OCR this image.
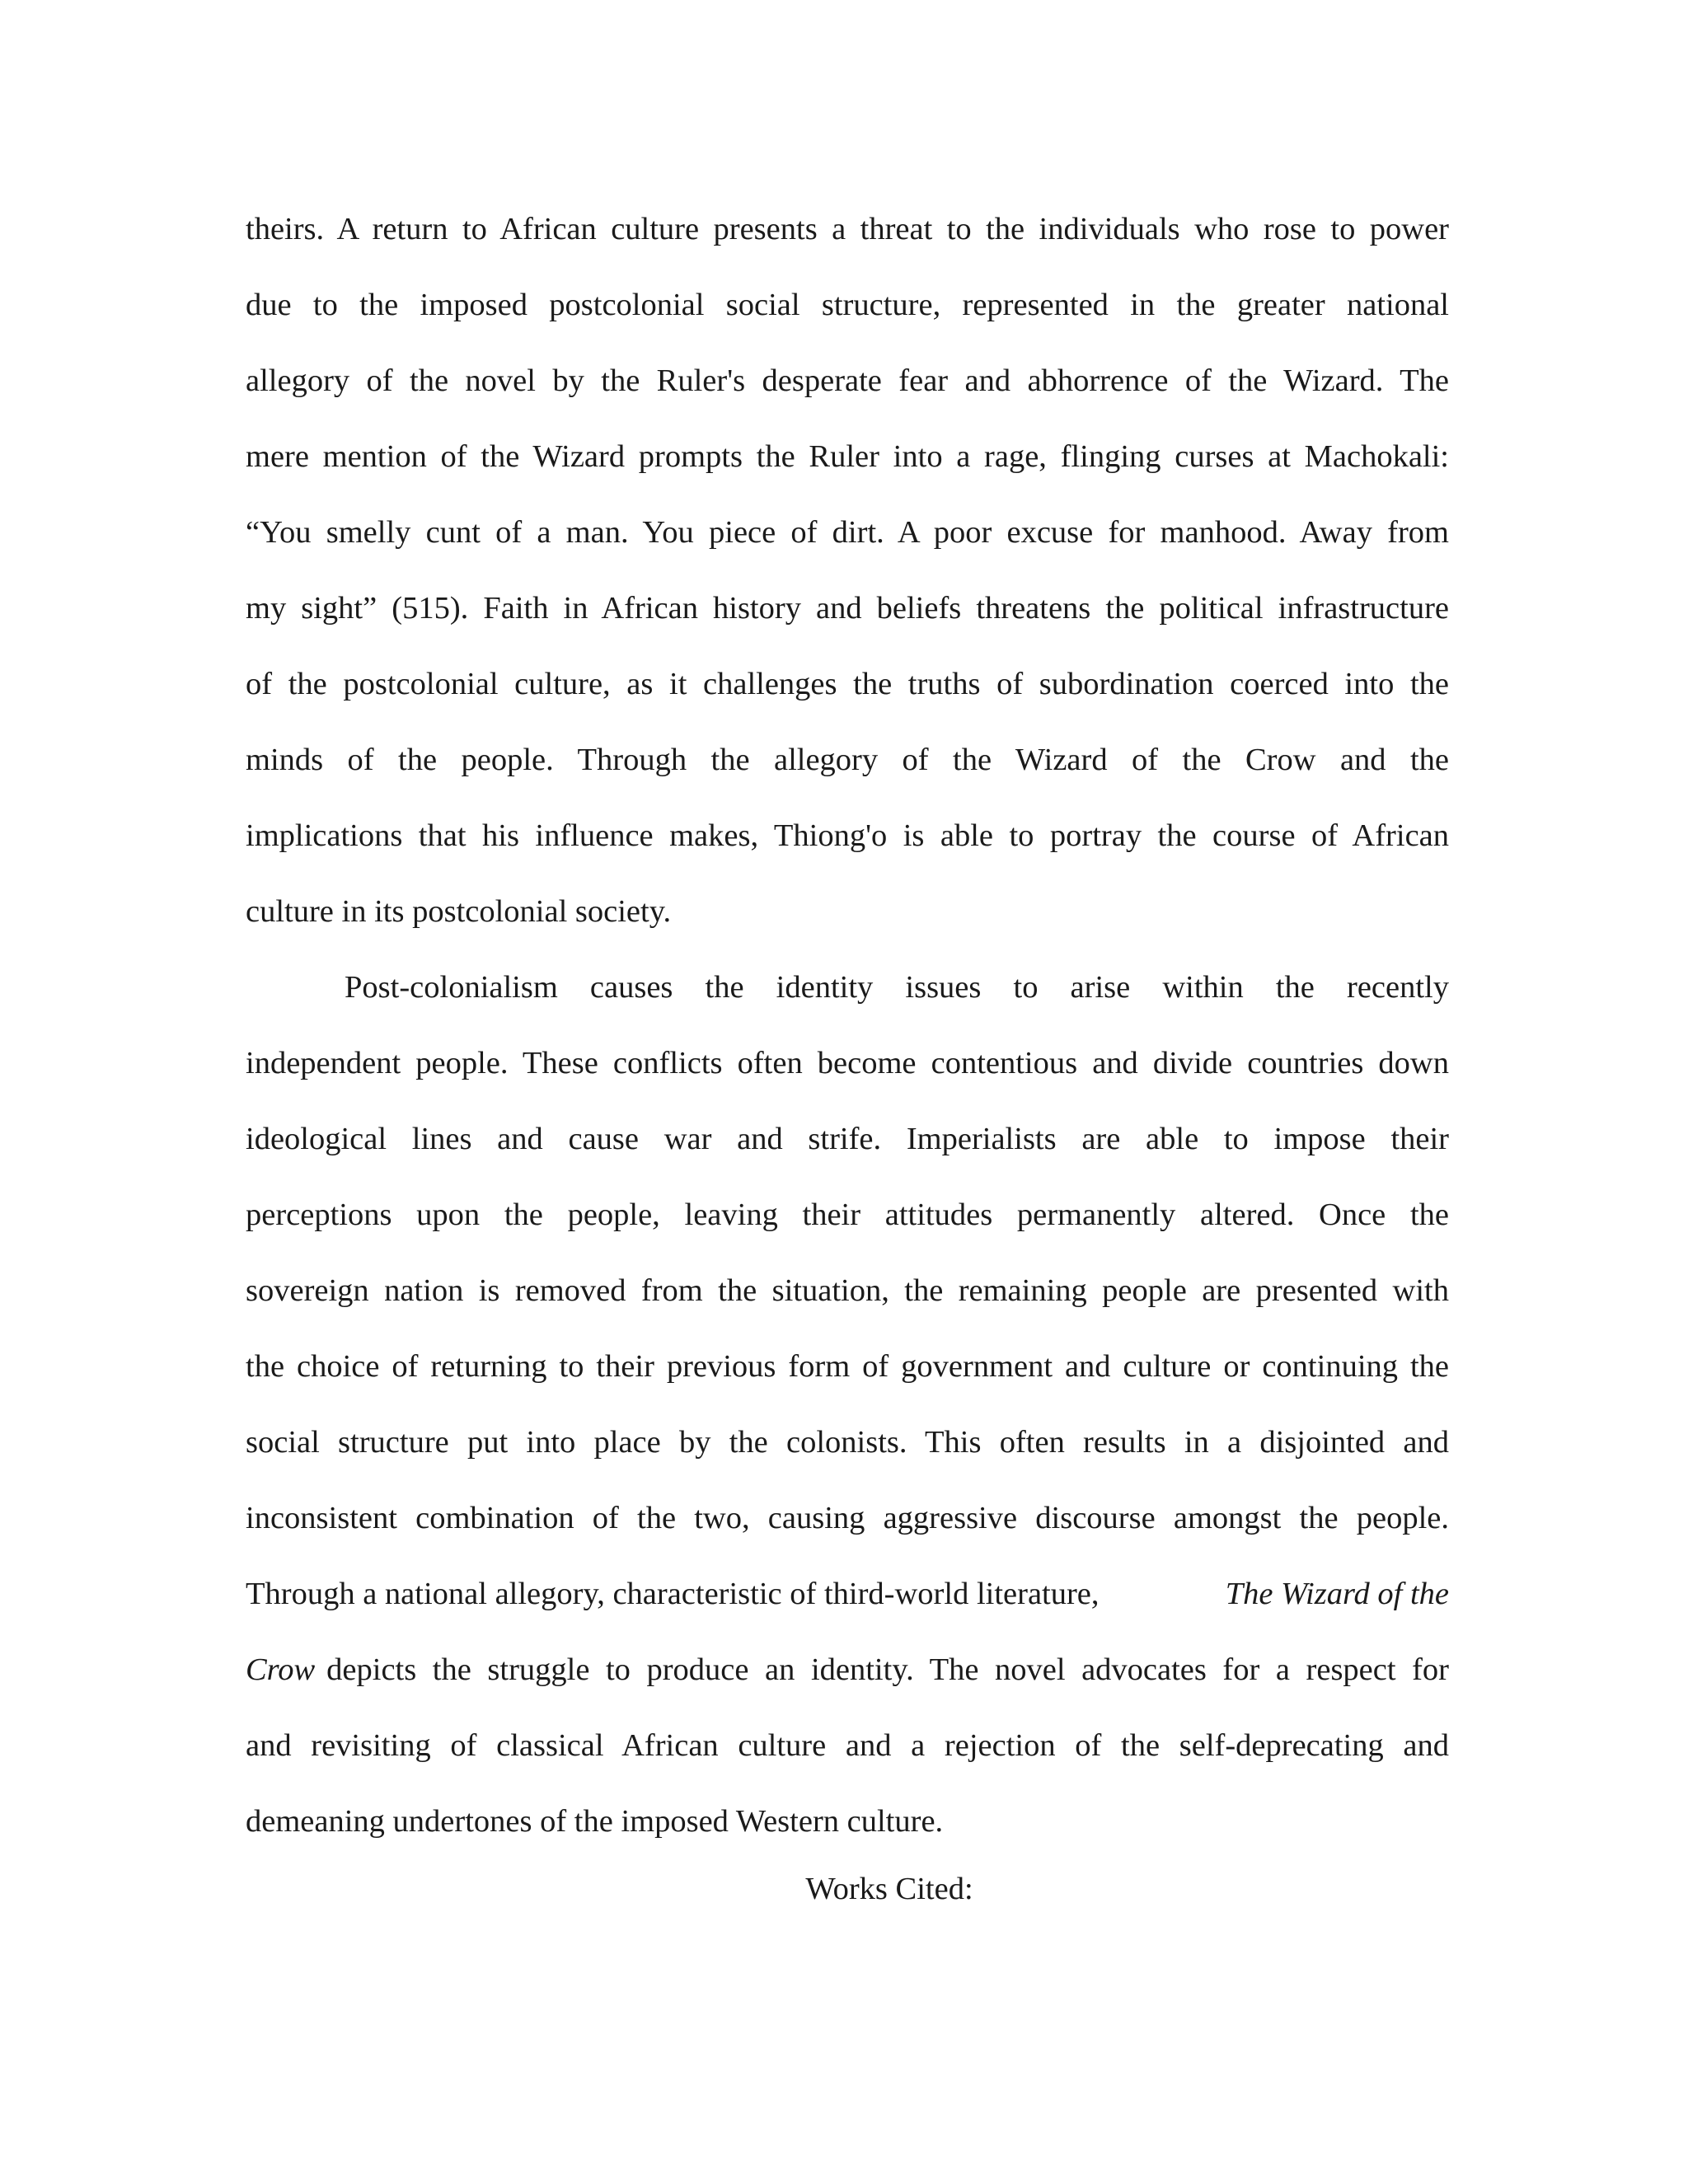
theirs. A return to African culture presents a threat to the individuals who rose to power
due to the imposed postcolonial social structure, represented in the greater national
allegory of the novel by the Ruler's desperate fear and abhorrence of the Wizard. The
mere mention of the Wizard prompts the Ruler into a rage, flinging curses at Machokali:
“You smelly cunt of a man. You piece of dirt. A poor excuse for manhood. Away from
my sight” (515). Faith in African history and beliefs threatens the political infrastructure
of the postcolonial culture, as it challenges the truths of subordination coerced into the
minds of the people. Through the allegory of the Wizard of the Crow and the
implications that his influence makes, Thiong'o is able to portray the course of African
culture in its postcolonial society.
Post-colonialism causes the identity issues to arise within the recently
independent people. These conflicts often become contentious and divide countries down
ideological lines and cause war and strife. Imperialists are able to impose their
perceptions upon the people, leaving their attitudes permanently altered. Once the
sovereign nation is removed from the situation, the remaining people are presented with
the choice of returning to their previous form of government and culture or continuing the
social structure put into place by the colonists. This often results in a disjointed and
inconsistent combination of the two, causing aggressive discourse amongst the people.
Through a national allegory, characteristic of third-world literature,	The Wizard of the
Crow depicts the struggle to produce an identity. The novel advocates for a respect for
and revisiting of classical African culture and a rejection of the self-deprecating and
demeaning undertones of the imposed Western culture.
Works Cited:
